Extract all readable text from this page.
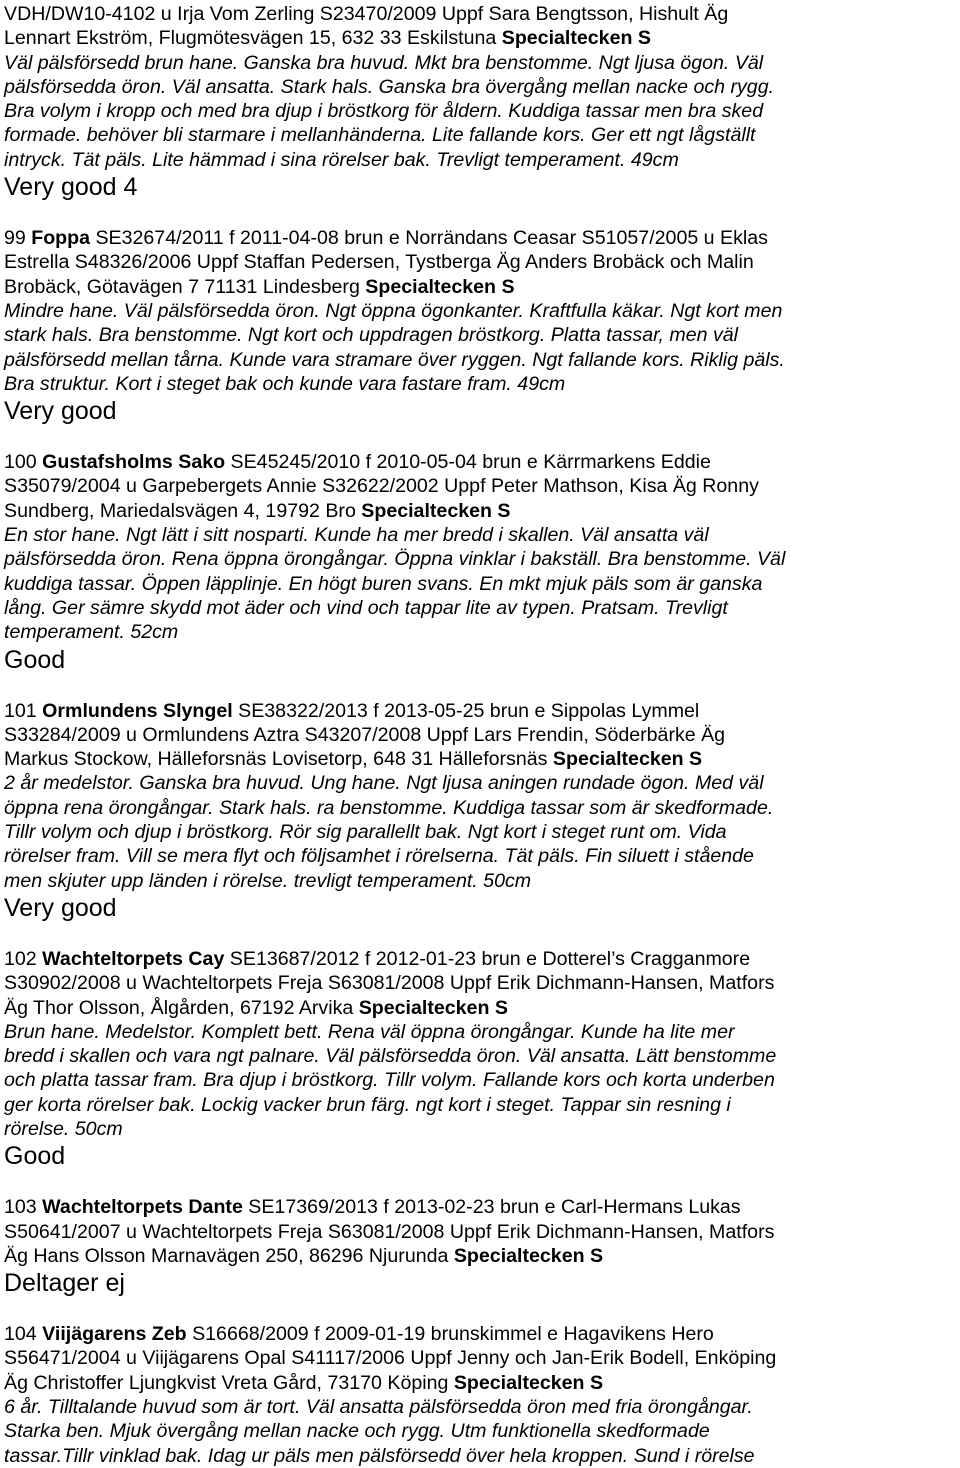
VDH/DW10-4102 u Irja Vom Zerling S23470/2009 Uppf Sara Bengtsson, Hishult Äg

Lennart Ekström, Flugmötesvägen 15, 632 33 Eskilstuna Specialtecken S

Väl pälsförsedd brun hane. Ganska bra huvud. Mkt bra benstomme. Ngt ljusa ögon. Väl

pälsförsedda öron. Väl ansatta. Stark hals. Ganska bra övergång mellan nacke och rygg.

Bra volym i kropp och med bra djup i bröstkorg för åldern. Kuddiga tassar men bra sked

formade. behöver bli starmare i mellanhänderna. Lite fallande kors. Ger ett ngt lågställt

intryck. Tät päls. Lite hämmad i sina rörelser bak. Trevligt temperament. 49cm

Very good 4

99 Foppa SE32674/2011 f 2011-04-08 brun e Norrändans Ceasar S51057/2005 u Eklas

Estrella S48326/2006 Uppf Staffan Pedersen, Tystberga Äg Anders Brobäck och Malin

Brobäck, Götavägen 7 71131 Lindesberg Specialtecken S

Mindre hane. Väl pälsförsedda öron. Ngt öppna ögonkanter. Kraftfulla käkar. Ngt kort men

stark hals. Bra benstomme. Ngt kort och uppdragen bröstkorg. Platta tassar, men väl

pälsförsedd mellan tårna. Kunde vara stramare över ryggen. Ngt fallande kors. Riklig päls.

Bra struktur. Kort i steget bak och kunde vara fastare fram. 49cm

Very good

100 Gustafsholms Sako SE45245/2010 f 2010-05-04 brun e Kärrmarkens Eddie

S35079/2004 u Garpebergets Annie S32622/2002 Uppf Peter Mathson, Kisa Äg Ronny

Sundberg, Mariedalsvägen 4, 19792 Bro Specialtecken S

En stor hane. Ngt lätt i sitt nosparti. Kunde ha mer bredd i skallen. Väl ansatta väl

pälsförsedda öron. Rena öppna örongångar. Öppna vinklar i bakställ. Bra benstomme. Väl

kuddiga tassar. Öppen läpplinje. En högt buren svans. En mkt mjuk päls som är ganska

lång. Ger sämre skydd mot äder och vind och tappar lite av typen. Pratsam. Trevligt

temperament. 52cm

Good

101 Ormlundens Slyngel SE38322/2013 f 2013-05-25 brun e Sippolas Lymmel

S33284/2009 u Ormlundens Aztra S43207/2008 Uppf Lars Frendin, Söderbärke Äg

Markus Stockow, Hälleforsnäs Lovisetorp, 648 31 Hälleforsnäs Specialtecken S

2 år medelstor. Ganska bra huvud. Ung hane. Ngt ljusa aningen rundade ögon. Med väl

öppna rena örongångar. Stark hals. ra benstomme. Kuddiga tassar som är skedformade.

Tillr volym och djup i bröstkorg. Rör sig parallellt bak. Ngt kort i steget runt om. Vida

rörelser fram. Vill se mera flyt och följsamhet i rörelserna. Tät päls. Fin siluett i stående

men skjuter upp länden i rörelse. trevligt temperament. 50cm

Very good

102 Wachteltorpets Cay SE13687/2012 f 2012-01-23 brun e Dotterel’s Cragganmore

S30902/2008 u Wachteltorpets Freja S63081/2008 Uppf Erik Dichmann-Hansen, Matfors

Äg Thor Olsson, Ålgården, 67192 Arvika Specialtecken S

Brun hane. Medelstor. Komplett bett. Rena väl öppna örongångar. Kunde ha lite mer

bredd i skallen och vara ngt palnare. Väl pälsförsedda öron. Väl ansatta. Lätt benstomme

och platta tassar fram. Bra djup i bröstkorg. Tillr volym. Fallande kors och korta underben

ger korta rörelser bak. Lockig vacker brun färg. ngt kort i steget. Tappar sin resning i

rörelse. 50cm

Good

103 Wachteltorpets Dante SE17369/2013 f 2013-02-23 brun e Carl-Hermans Lukas

S50641/2007 u Wachteltorpets Freja S63081/2008 Uppf Erik Dichmann-Hansen, Matfors

Äg Hans Olsson Marnavägen 250, 86296 Njurunda Specialtecken S

Deltager ej

104 Viijägarens Zeb S16668/2009 f 2009-01-19 brunskimmel e Hagavikens Hero

S56471/2004 u Viijägarens Opal S41117/2006 Uppf Jenny och Jan-Erik Bodell, Enköping

Äg Christoffer Ljungkvist Vreta Gård, 73170 Köping Specialtecken S

6 år. Tilltalande huvud som är tort. Väl ansatta pälsförsedda öron med fria örongångar.

Starka ben. Mjuk övergång mellan nacke och rygg. Utm funktionella skedformade

tassar.Tillr vinklad bak. Idag ur päls men pälsförsedd över hela kroppen. Sund i rörelse
